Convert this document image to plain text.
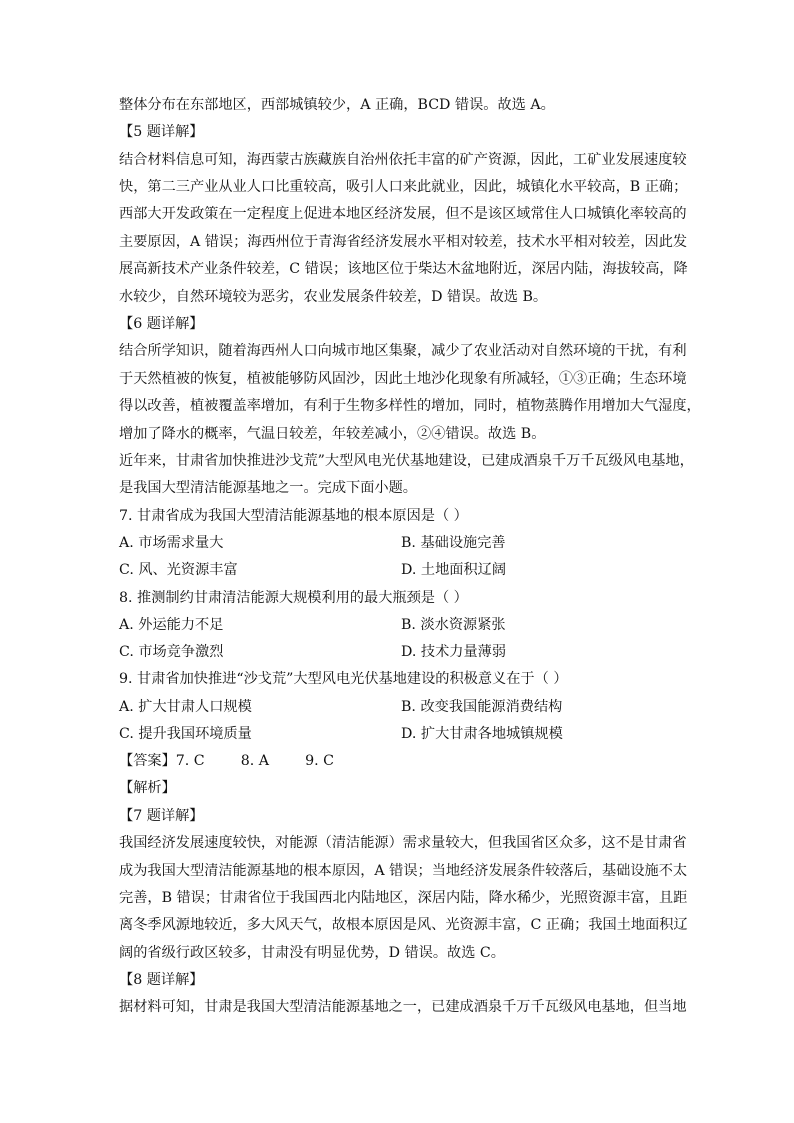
整体分布在东部地区，西部城镇较少，A 正确，BCD 错误。故选 A。
【5 题详解】
结合材料信息可知，海西蒙古族藏族自治州依托丰富的矿产资源，因此，工矿业发展速度较
快，第二三产业从业人口比重较高，吸引人口来此就业，因此，城镇化水平较高，B 正确；
西部大开发政策在一定程度上促进本地区经济发展，但不是该区域常住人口城镇化率较高的
主要原因，A 错误；海西州位于青海省经济发展水平相对较差，技术水平相对较差，因此发
展高新技术产业条件较差，C 错误；该地区位于柴达木盆地附近，深居内陆，海拔较高，降
水较少，自然环境较为恶劣，农业发展条件较差，D 错误。故选 B。
【6 题详解】
结合所学知识，随着海西州人口向城市地区集聚，减少了农业活动对自然环境的干扰，有利
于天然植被的恢复，植被能够防风固沙，因此土地沙化现象有所减轻，①③正确；生态环境
得以改善，植被覆盖率增加，有利于生物多样性的增加，同时，植物蒸腾作用增加大气湿度，
增加了降水的概率，气温日较差，年较差减小，②④错误。故选 B。
近年来，甘肃省加快推进沙戈荒”大型风电光伏基地建设，已建成酒泉千万千瓦级风电基地，
是我国大型清洁能源基地之一。完成下面小题。
7. 甘肃省成为我国大型清洁能源基地的根本原因是（ ）
A. 市场需求量大	B. 基础设施完善
C. 风、光资源丰富	D. 土地面积辽阔
8. 推测制约甘肃清洁能源大规模利用的最大瓶颈是（ ）
A. 外运能力不足	B. 淡水资源紧张
C. 市场竞争激烈	D. 技术力量薄弱
9. 甘肃省加快推进“沙戈荒”大型风电光伏基地建设的积极意义在于（ ）
A. 扩大甘肃人口规模	B. 改变我国能源消费结构
C. 提升我国环境质量	D. 扩大甘肃各地城镇规模
【答案】7. C        8. A        9. C
【解析】
【7 题详解】
我国经济发展速度较快，对能源（清洁能源）需求量较大，但我国省区众多，这不是甘肃省
成为我国大型清洁能源基地的根本原因，A 错误；当地经济发展条件较落后，基础设施不太
完善，B 错误；甘肃省位于我国西北内陆地区，深居内陆，降水稀少，光照资源丰富，且距
离冬季风源地较近，多大风天气，故根本原因是风、光资源丰富，C 正确；我国土地面积辽
阔的省级行政区较多，甘肃没有明显优势，D 错误。故选 C。
【8 题详解】
据材料可知，甘肃是我国大型清洁能源基地之一，已建成酒泉千万千瓦级风电基地，但当地
